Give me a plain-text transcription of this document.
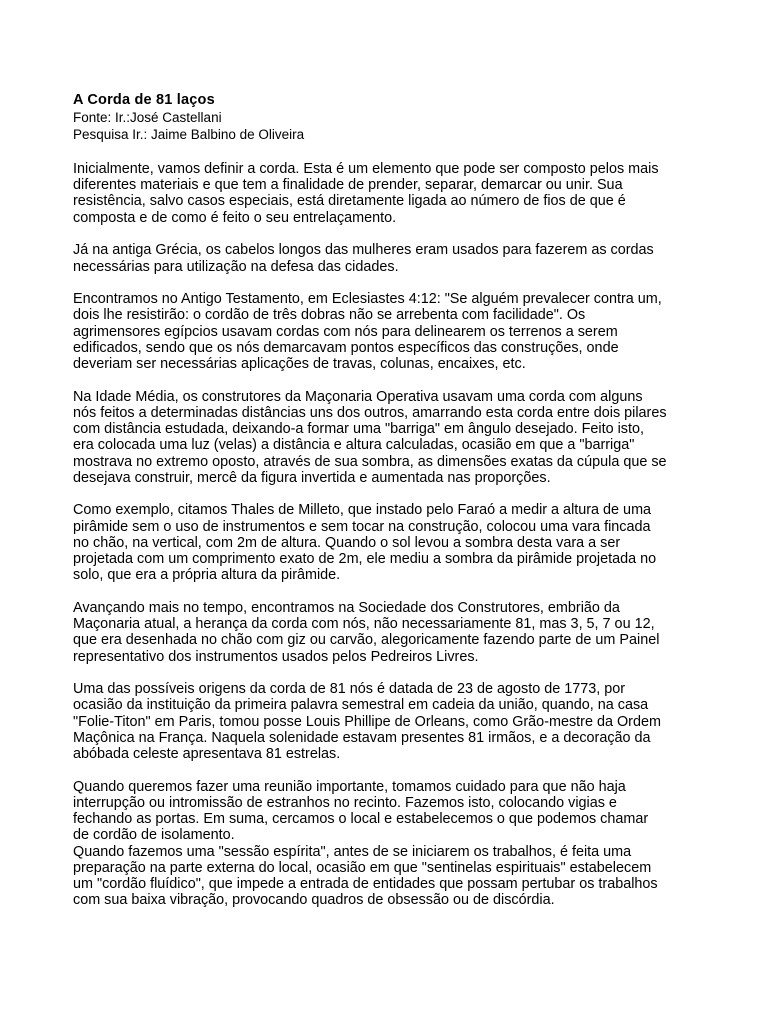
A Corda de 81 laços

Fonte: Ir.:José Castellani

Pesquisa Ir.: Jaime Balbino de Oliveira

Inicialmente, vamos definir a corda. Esta é um elemento que pode ser composto pelos mais
diferentes materiais e que tem a finalidade de prender, separar, demarcar ou unir. Sua
resistência, salvo casos especiais, está diretamente ligada ao número de fios de que é
composta e de como é feito o seu entrelaçamento.

Já na antiga Grécia, os cabelos longos das mulheres eram usados para fazerem as cordas
necessárias para utilização na defesa das cidades.

Encontramos no Antigo Testamento, em Eclesiastes 4:12: "Se alguém prevalecer contra um,
dois lhe resistirão: o cordão de três dobras não se arrebenta com facilidade". Os
agrimensores egípcios usavam cordas com nós para delinearem os terrenos a serem
edificados, sendo que os nós demarcavam pontos específicos das construções, onde
deveriam ser necessárias aplicações de travas, colunas, encaixes, etc.

Na Idade Média, os construtores da Maçonaria Operativa usavam uma corda com alguns
nós feitos a determinadas distâncias uns dos outros, amarrando esta corda entre dois pilares
com distância estudada, deixando-a formar uma "barriga" em ângulo desejado. Feito isto,
era colocada uma luz (velas) a distância e altura calculadas, ocasião em que a "barriga"
mostrava no extremo oposto, através de sua sombra, as dimensões exatas da cúpula que se
desejava construir, mercê da figura invertida e aumentada nas proporções.

Como exemplo, citamos Thales de Milleto, que instado pelo Faraó a medir a altura de uma
pirâmide sem o uso de instrumentos e sem tocar na construção, colocou uma vara fincada
no chão, na vertical, com 2m de altura. Quando o sol levou a sombra desta vara a ser
projetada com um comprimento exato de 2m, ele mediu a sombra da pirâmide projetada no
solo, que era a própria altura da pirâmide.

Avançando mais no tempo, encontramos na Sociedade dos Construtores, embrião da
Maçonaria atual, a herança da corda com nós, não necessariamente 81, mas 3, 5, 7 ou 12,
que era desenhada no chão com giz ou carvão, alegoricamente fazendo parte de um Painel
representativo dos instrumentos usados pelos Pedreiros Livres.

Uma das possíveis origens da corda de 81 nós é datada de 23 de agosto de 1773, por
ocasião da instituição da primeira palavra semestral em cadeia da união, quando, na casa
"Folie-Titon" em Paris, tomou posse Louis Phillipe de Orleans, como Grão-mestre da Ordem
Maçônica na França. Naquela solenidade estavam presentes 81 irmãos, e a decoração da
abóbada celeste apresentava 81 estrelas.

Quando queremos fazer uma reunião importante, tomamos cuidado para que não haja
interrupção ou intromissão de estranhos no recinto. Fazemos isto, colocando vigias e
fechando as portas. Em suma, cercamos o local e estabelecemos o que podemos chamar
de cordão de isolamento.

Quando fazemos uma "sessão espírita", antes de se iniciarem os trabalhos, é feita uma
preparação na parte externa do local, ocasião em que "sentinelas espirituais" estabelecem
um "cordão fluídico", que impede a entrada de entidades que possam pertubar os trabalhos
com sua baixa vibração, provocando quadros de obsessão ou de discórdia.
